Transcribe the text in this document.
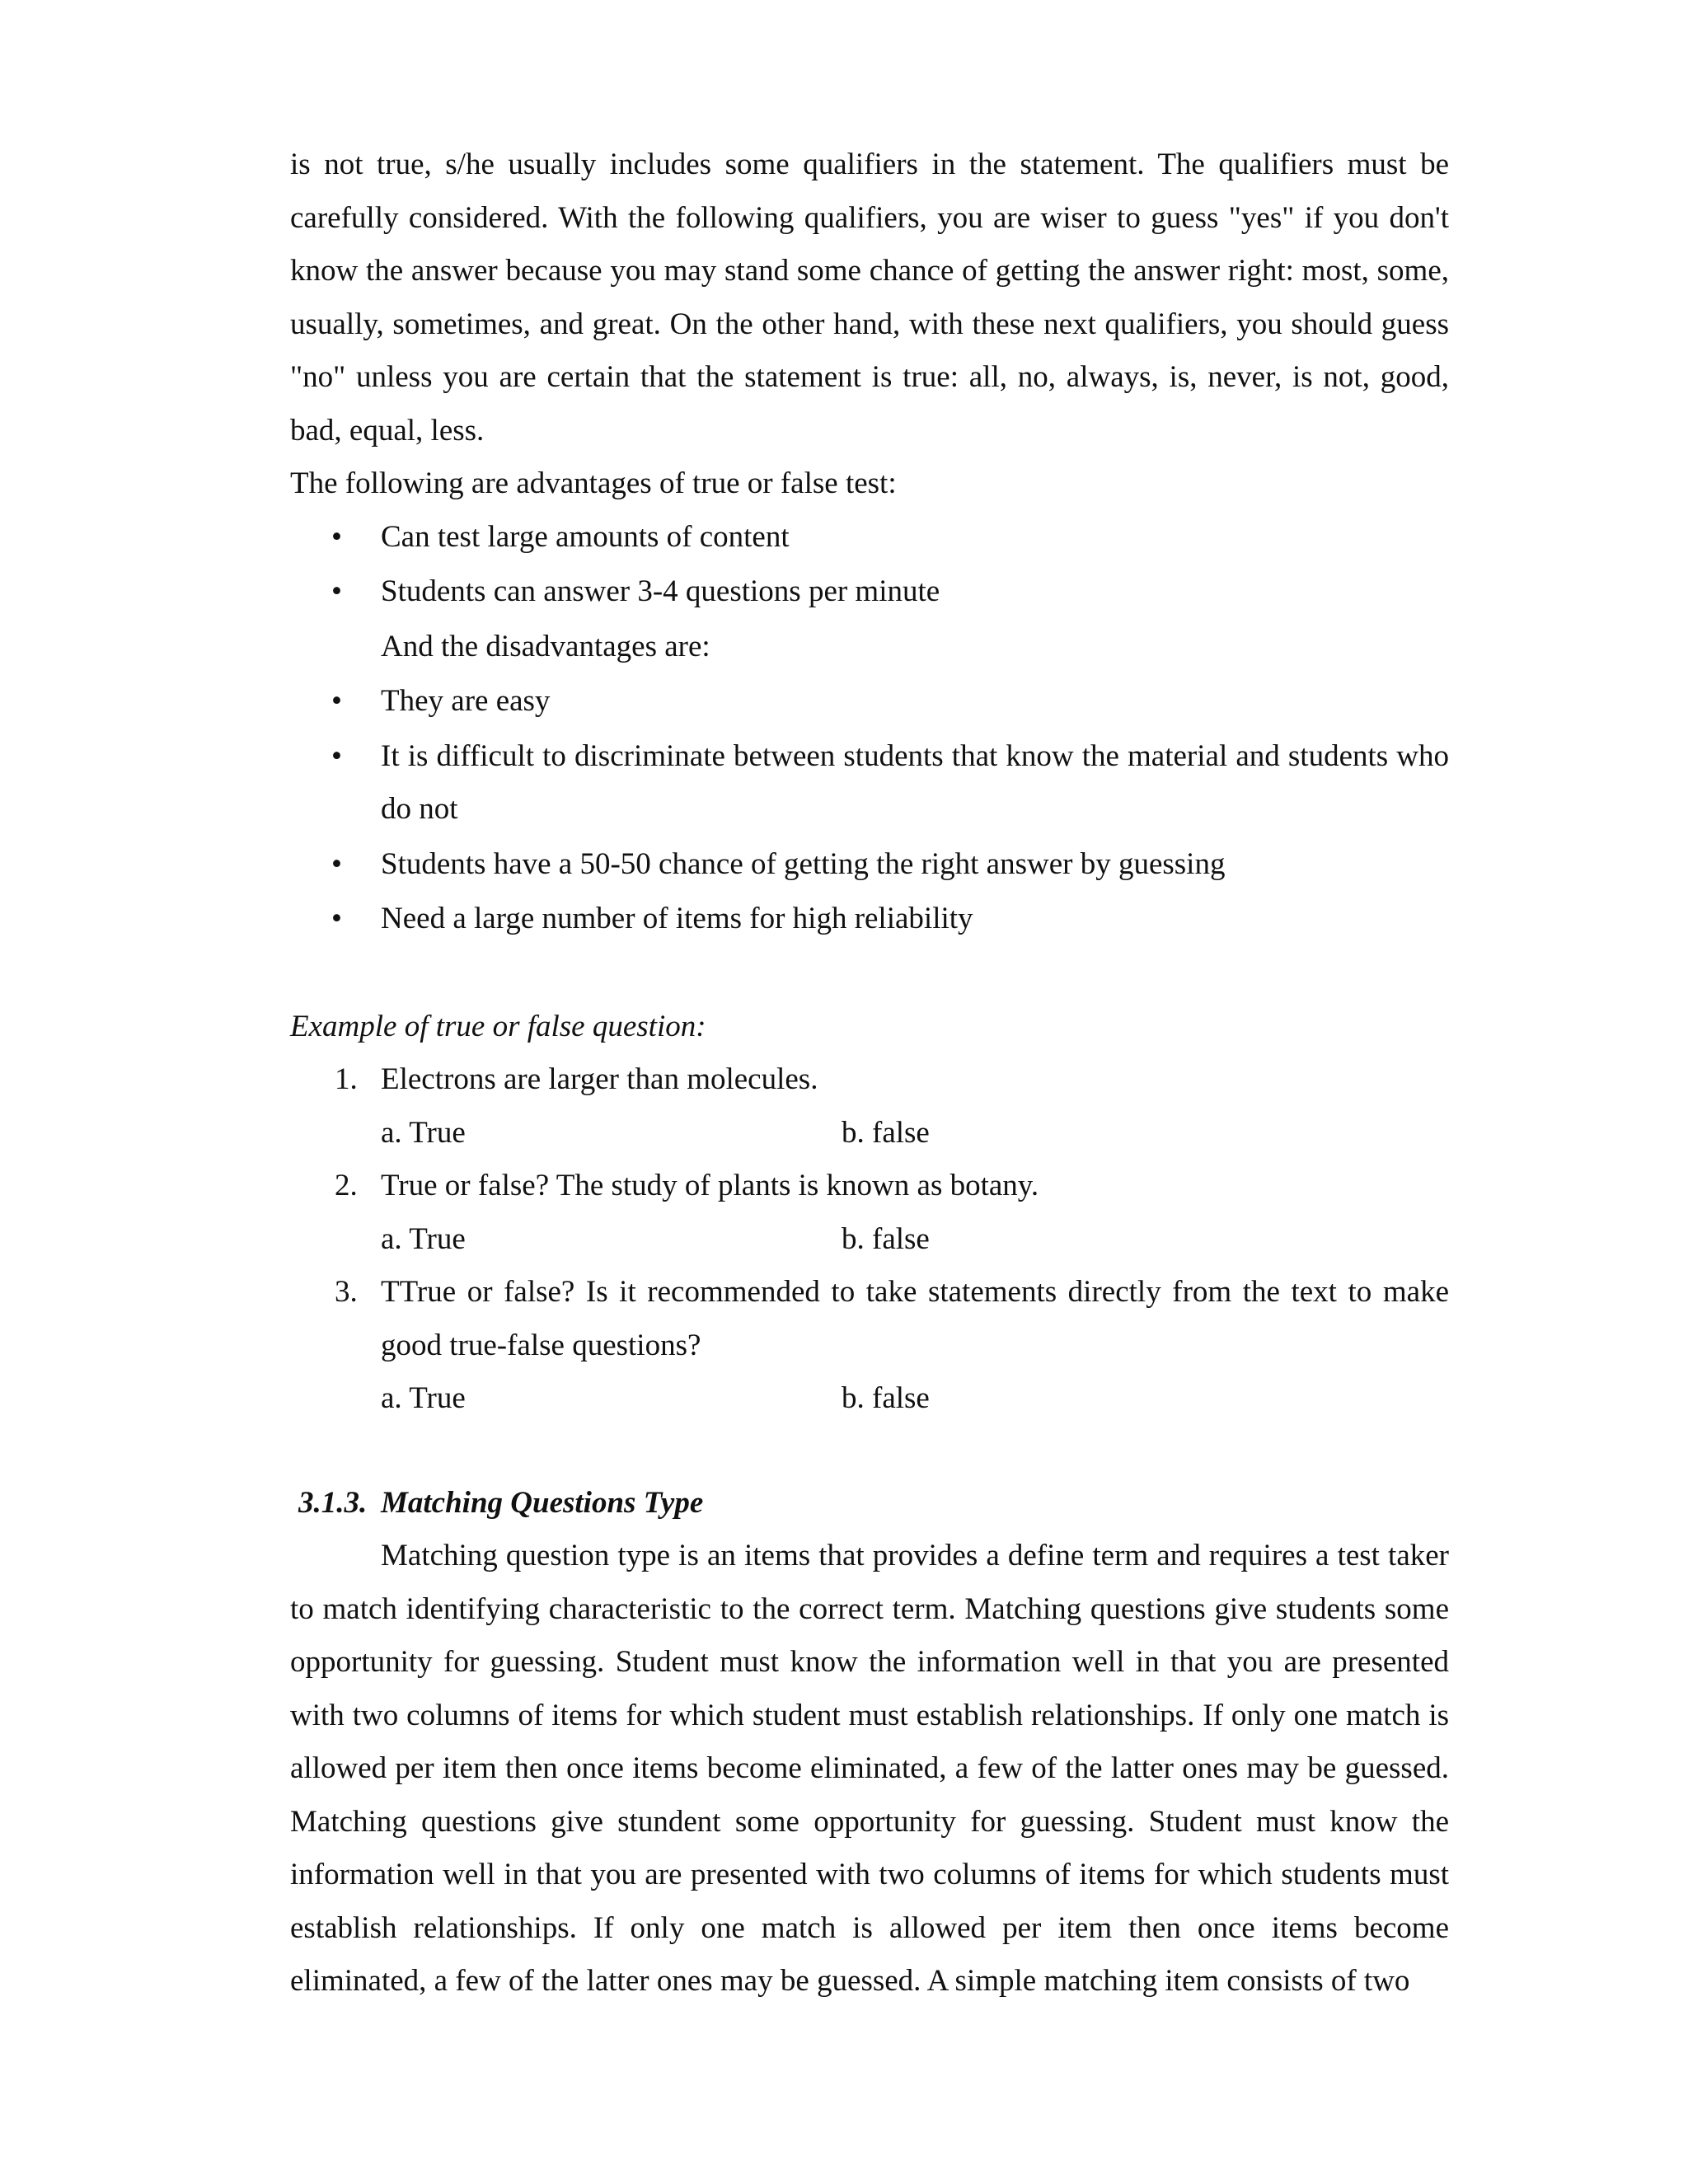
is not true, s/he usually includes some qualifiers in the statement. The qualifiers must be carefully considered. With the following qualifiers, you are wiser to guess "yes" if you don't know the answer because you may stand some chance of getting the answer right: most, some, usually, sometimes, and great. On the other hand, with these next qualifiers, you should guess "no" unless you are certain that the statement is true: all, no, always, is, never, is not, good, bad, equal, less.

The following are advantages of true or false test:

• Can test large amounts of content
• Students can answer 3-4 questions per minute

And the disadvantages are:

• They are easy
• It is difficult to discriminate between students that know the material and students who do not
• Students have a 50-50 chance of getting the right answer by guessing
• Need a large number of items for high reliability

Example of true or false question:

1. Electrons are larger than molecules.
a. True	b. false
2. True or false? The study of plants is known as botany.
a. True	b. false
3. TTrue or false? Is it recommended to take statements directly from the text to make good true-false questions?
a. True	b. false
3.1.3. Matching Questions Type

Matching question type is an items that provides a define term and requires a test taker to match identifying characteristic to the correct term. Matching questions give students some opportunity for guessing. Student must know the information well in that you are presented with two columns of items for which student must establish relationships. If only one match is allowed per item then once items become eliminated, a few of the latter ones may be guessed. Matching questions give stundent some opportunity for guessing. Student must know the information well in that you are presented with two columns of items for which students must establish relationships. If only one match is allowed per item then once items become eliminated, a few of the latter ones may be guessed. A simple matching item consists of two
